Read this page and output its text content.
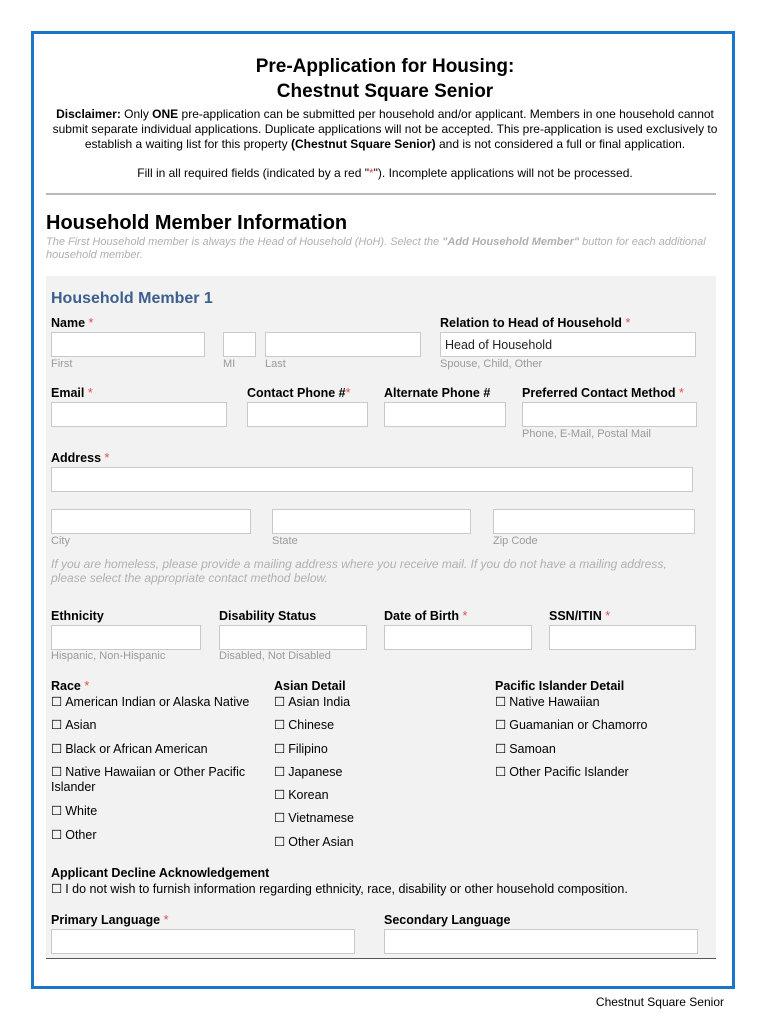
Pre-Application for Housing:
Chestnut Square Senior
Disclaimer: Only ONE pre-application can be submitted per household and/or applicant. Members in one household cannot submit separate individual applications. Duplicate applications will not be accepted. This pre-application is used exclusively to establish a waiting list for this property (Chestnut Square Senior) and is not considered a full or final application.
Fill in all required fields (indicated by a red "*"). Incomplete applications will not be processed.
Household Member Information
The First Household member is always the Head of Household (HoH). Select the "Add Household Member" button for each additional household member.
Household Member 1
Name *
First	MI	Last
Relation to Head of Household *
Head of Household
Spouse, Child, Other
Email *	Contact Phone #*	Alternate Phone #	Preferred Contact Method *
Phone, E-Mail, Postal Mail
Address *
City	State	Zip Code
If you are homeless, please provide a mailing address where you receive mail. If you do not have a mailing address, please select the appropriate contact method below.
Ethnicity
Hispanic, Non-Hispanic
Disability Status
Disabled, Not Disabled
Date of Birth *	SSN/ITIN *
Race *
☐ American Indian or Alaska Native
☐ Asian
☐ Black or African American
☐ Native Hawaiian or Other Pacific
Islander
☐ White
☐ Other
Asian Detail
☐ Asian India
☐ Chinese
☐ Filipino
☐ Japanese
☐ Korean
☐ Vietnamese
☐ Other Asian
Pacific Islander Detail
☐ Native Hawaiian
☐ Guamanian or Chamorro
☐ Samoan
☐ Other Pacific Islander
Applicant Decline Acknowledgement
☐ I do not wish to furnish information regarding ethnicity, race, disability or other household composition.
Primary Language *	Secondary Language
Chestnut Square Senior
